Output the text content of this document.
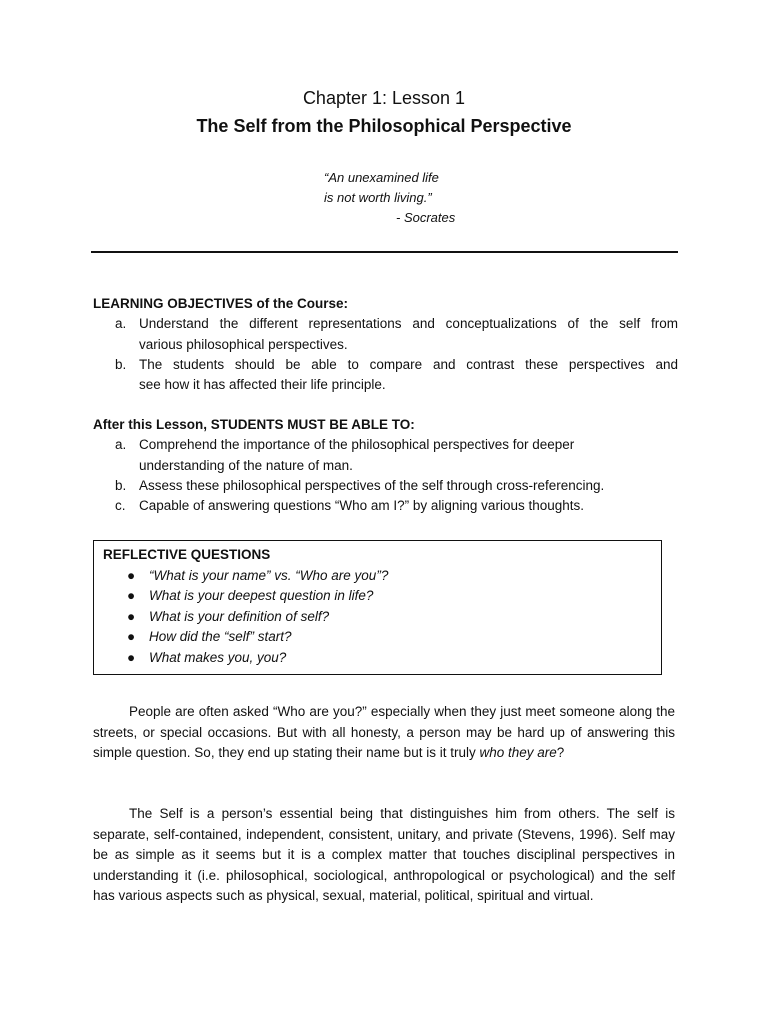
Chapter 1: Lesson 1
The Self from the Philosophical Perspective
“An unexamined life
is not worth living.”
- Socrates
LEARNING OBJECTIVES of the Course:
a. Understand the different representations and conceptualizations of the self from
various philosophical perspectives.
b. The students should be able to compare and contrast these perspectives and
see how it has affected their life principle.
After this Lesson, STUDENTS MUST BE ABLE TO:
a. Comprehend the importance of the philosophical perspectives for deeper
understanding of the nature of man.
b. Assess these philosophical perspectives of the self through cross-referencing.
c. Capable of answering questions “Who am I?” by aligning various thoughts.
REFLECTIVE QUESTIONS
● “What is your name” vs. “Who are you”?
● What is your deepest question in life?
● What is your definition of self?
● How did the “self” start?
● What makes you, you?
People are often asked “Who are you?” especially when they just meet someone along the streets, or special occasions. But with all honesty, a person may be hard up of answering this simple question. So, they end up stating their name but is it truly who they are?
The Self is a person’s essential being that distinguishes him from others. The self is separate, self-contained, independent, consistent, unitary, and private (Stevens, 1996). Self may be as simple as it seems but it is a complex matter that touches disciplinal perspectives in understanding it (i.e. philosophical, sociological, anthropological or psychological) and the self has various aspects such as physical, sexual, material, political, spiritual and virtual.
